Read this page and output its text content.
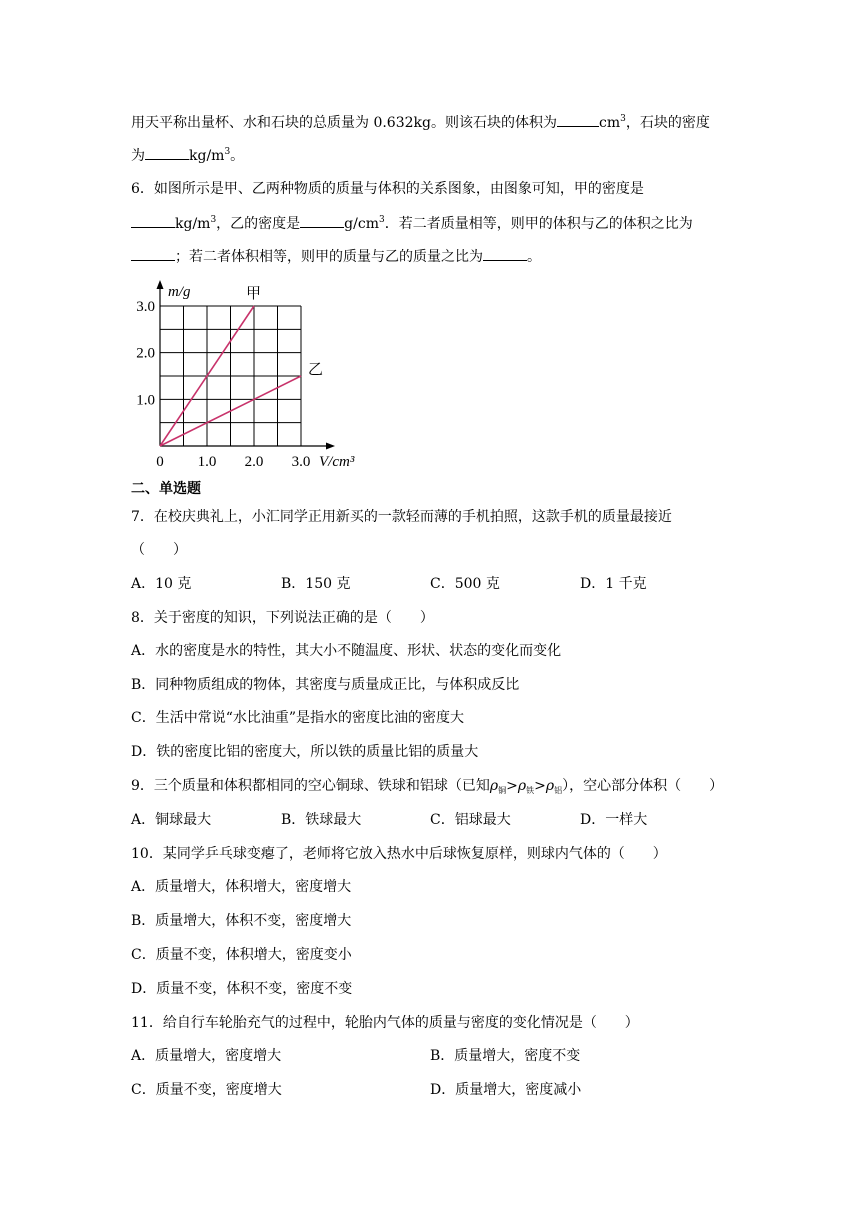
用天平称出量杯、水和石块的总质量为 0.632kg。则该石块的体积为	$cm^3$，石块的密度
为	$kg/m^3$。
6．如图所示是甲、乙两种物质的质量与体积的关系图象，由图象可知，甲的密度是
$kg/m^3$，乙的密度是	$g/cm^3$．若二者质量相等，则甲的体积与乙的体积之比为
；若二者体积相等，则甲的质量与乙的质量之比为	。
甲
乙
0 1.0 2.0 3.0
1.0
2.0
3.0
m/g
V/cm³
二、单选题
7．在校庆典礼上，小汇同学正用新买的一款轻而薄的手机拍照，这款手机的质量最接近
（　　）
A．10 克	B．150 克	C．500 克	D．1 千克
8．关于密度的知识，下列说法正确的是（　　）
A．水的密度是水的特性，其大小不随温度、形状、状态的变化而变化
B．同种物质组成的物体，其密度与质量成正比，与体积成反比
C．生活中常说“水比油重”是指水的密度比油的密度大
D．铁的密度比铝的密度大，所以铁的质量比铝的质量大
9．三个质量和体积都相同的空心铜球、铁球和铝球（已知$\rho_铜>\rho_铁>\rho_铝$），空心部分体积（　　）
A．铜球最大	B．铁球最大	C．铝球最大	D．一样大
10．某同学乒乓球变瘪了，老师将它放入热水中后球恢复原样，则球内气体的（　　）
A．质量增大，体积增大，密度增大
B．质量增大，体积不变，密度增大
C．质量不变，体积增大，密度变小
D．质量不变，体积不变，密度不变
11．给自行车轮胎充气的过程中，轮胎内气体的质量与密度的变化情况是（　　）
A．质量增大，密度增大	B．质量增大，密度不变
C．质量不变，密度增大	D．质量增大，密度减小
